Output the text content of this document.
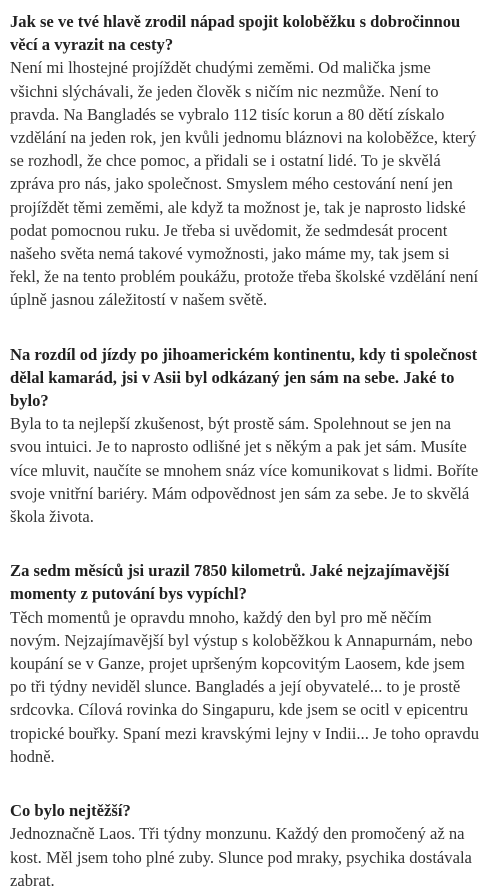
Jak se ve tvé hlavě zrodil nápad spojit koloběžku s dobročinnou věcí a vyrazit na cesty?

Není mi lhostejné projíždět chudými zeměmi. Od malička jsme všichni slýchávali, že jeden člověk s ničím nic nezmůže. Není to pravda. Na Bangladés se vybralo 112 tisíc korun a 80 dětí získalo vzdělání na jeden rok, jen kvůli jednomu bláznovi na koloběžce, který se rozhodl, že chce pomoc, a přidali se i ostatní lidé. To je skvělá zpráva pro nás, jako společnost. Smyslem mého cestování není jen projíždět těmi zeměmi, ale když ta možnost je, tak je naprosto lidské podat pomocnou ruku. Je třeba si uvědomit, že sedmdesát procent našeho světa nemá takové vymožnosti, jako máme my, tak jsem si řekl, že na tento problém poukážu, protože třeba školské vzdělání není úplně jasnou záležitostí v našem světě.

Na rozdíl od jízdy po jihoamerickém kontinentu, kdy ti společnost dělal kamarád, jsi v Asii byl odkázaný jen sám na sebe. Jaké to bylo?

Byla to ta nejlepší zkušenost, být prostě sám. Spolehnout se jen na svou intuici. Je to naprosto odlišné jet s někým a pak jet sám. Musíte více mluvit, naučíte se mnohem snáz více komunikovat s lidmi. Boříte svoje vnitřní bariéry. Mám odpovědnost jen sám za sebe. Je to skvělá škola života.

Za sedm měsíců jsi urazil 7850 kilometrů. Jaké nejzajímavější momenty z putování bys vypíchl?

Těch momentů je opravdu mnoho, každý den byl pro mě něčím novým. Nejzajímavější byl výstup s koloběžkou k Annapurnám, nebo koupání se v Ganze, projet upršeným kopcovitým Laosem, kde jsem po tři týdny neviděl slunce. Bangladés a její obyvatelé... to je prostě srdcovka. Cílová rovinka do Singapuru, kde jsem se ocitl v epicentru tropické bouřky. Spaní mezi kravskými lejny v Indii... Je toho opravdu hodně.

Co bylo nejtěžší?

Jednoznačně Laos. Tři týdny monzunu. Každý den promočený až na kost. Měl jsem toho plné zuby. Slunce pod mraky, psychika dostávala zabrat.
